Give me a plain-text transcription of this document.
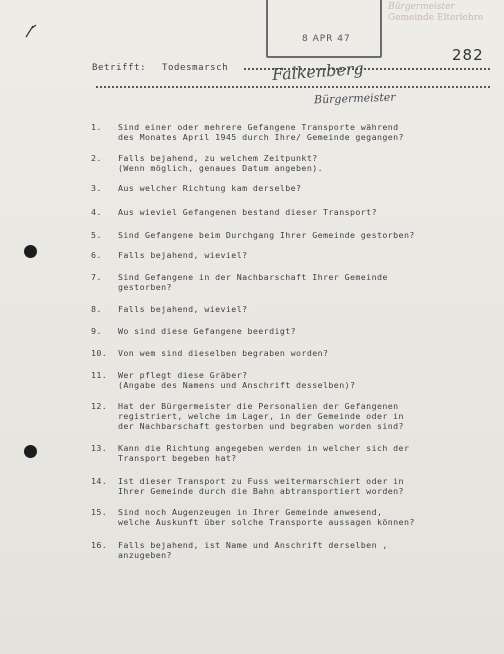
8 APR 47
Bürgermeister
Gemeinde Elterlehre
282
Betrifft: Todesmarsch	Falkenberg
Bürgermeister
1.	Sind einer oder mehrere Gefangene Transporte während
des Monates April 1945 durch Ihre/ Gemeinde gegangen?
2.	Falls bejahend, zu welchem Zeitpunkt?
(Wenn möglich, genaues Datum angeben).
3.	Aus welcher Richtung kam derselbe?
4.	Aus wieviel Gefangenen bestand dieser Transport?
5.	Sind Gefangene beim Durchgang Ihrer Gemeinde gestorben?
6.	Falls bejahend, wieviel?
7.	Sind Gefangene in der Nachbarschaft Ihrer Gemeinde
gestorben?
8.	Falls bejahend, wieviel?
9.	Wo sind diese Gefangene beerdigt?
10.	Von wem sind dieselben begraben worden?
11.	Wer pflegt diese Gräber?
(Angabe des Namens und Anschrift desselben)?
12.	Hat der Bürgermeister die Personalien der Gefangenen
registriert, welche im Lager, in der Gemeinde oder in
der Nachbarschaft gestorben und begraben worden sind?
13.	Kann die Richtung angegeben werden in welcher sich der
Transport begeben hat?
14.	Ist dieser Transport zu Fuss weitermarschiert oder in
Ihrer Gemeinde durch die Bahn abtransportiert worden?
15.	Sind noch Augenzeugen in Ihrer Gemeinde anwesend,
welche Auskunft über solche Transporte aussagen können?
16.	Falls bejahend, ist Name und Anschrift derselben ,
anzugeben?
